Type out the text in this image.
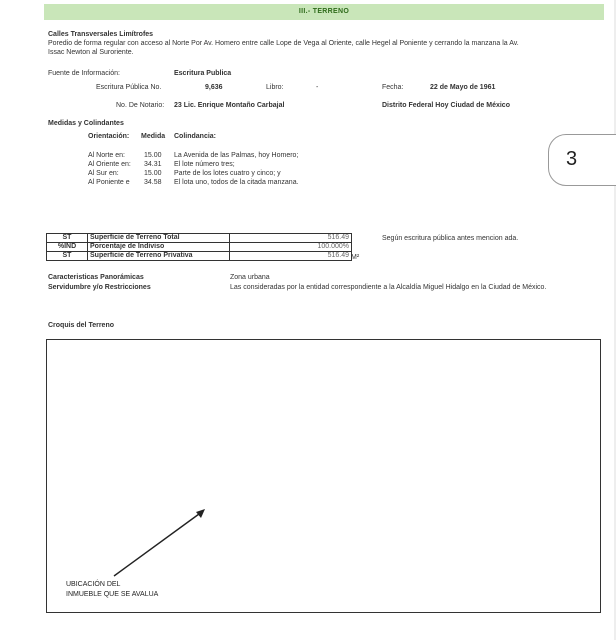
III.- TERRENO
Calles Transversales Limítrofes
Poredio de forma regular con acceso al Norte Por Av. Homero entre calle Lope de Vega al Oriente, calle Hegel al Poniente y cerrando la manzana la Av.
Issac Newton al Suroriente.
Fuente de Información:	Escritura Publica
Escritura Pública No.	9,636	Libro:	-	Fecha:	22 de Mayo de 1961
No. De Notario: 23 Lic. Enrique Montaño Carbajal	Distrito Federal Hoy Ciudad de México
Medidas y Colindantes
Orientación: Medida Colindancia:
Al Norte en:	15.00 La Avenida de las Palmas, hoy Homero;
Al Oriente en: 34.31 El lote número tres;
Al Sur en:	15.00 Parte de los lotes cuatro y cinco; y
Al Poniente e 34.58 El lota uno, todos de la citada manzana.
3
ST	Superficie de Terreno Total	516.49
%IND	Porcentaje de Indiviso	100.000%
ST	Superficie de Terreno Privativa	516.49 M²
Según escritura pública antes mencion ada.
Caracteristicas Panorámicas	Zona urbana
Servidumbre y/o Restricciones	Las consideradas por la entidad correspondiente a la Alcaldía Miguel Hidalgo en la Ciudad de México.
Croquis del Terreno
UBICACIÓN DEL
INMUEBLE QUE SE AVALUA
